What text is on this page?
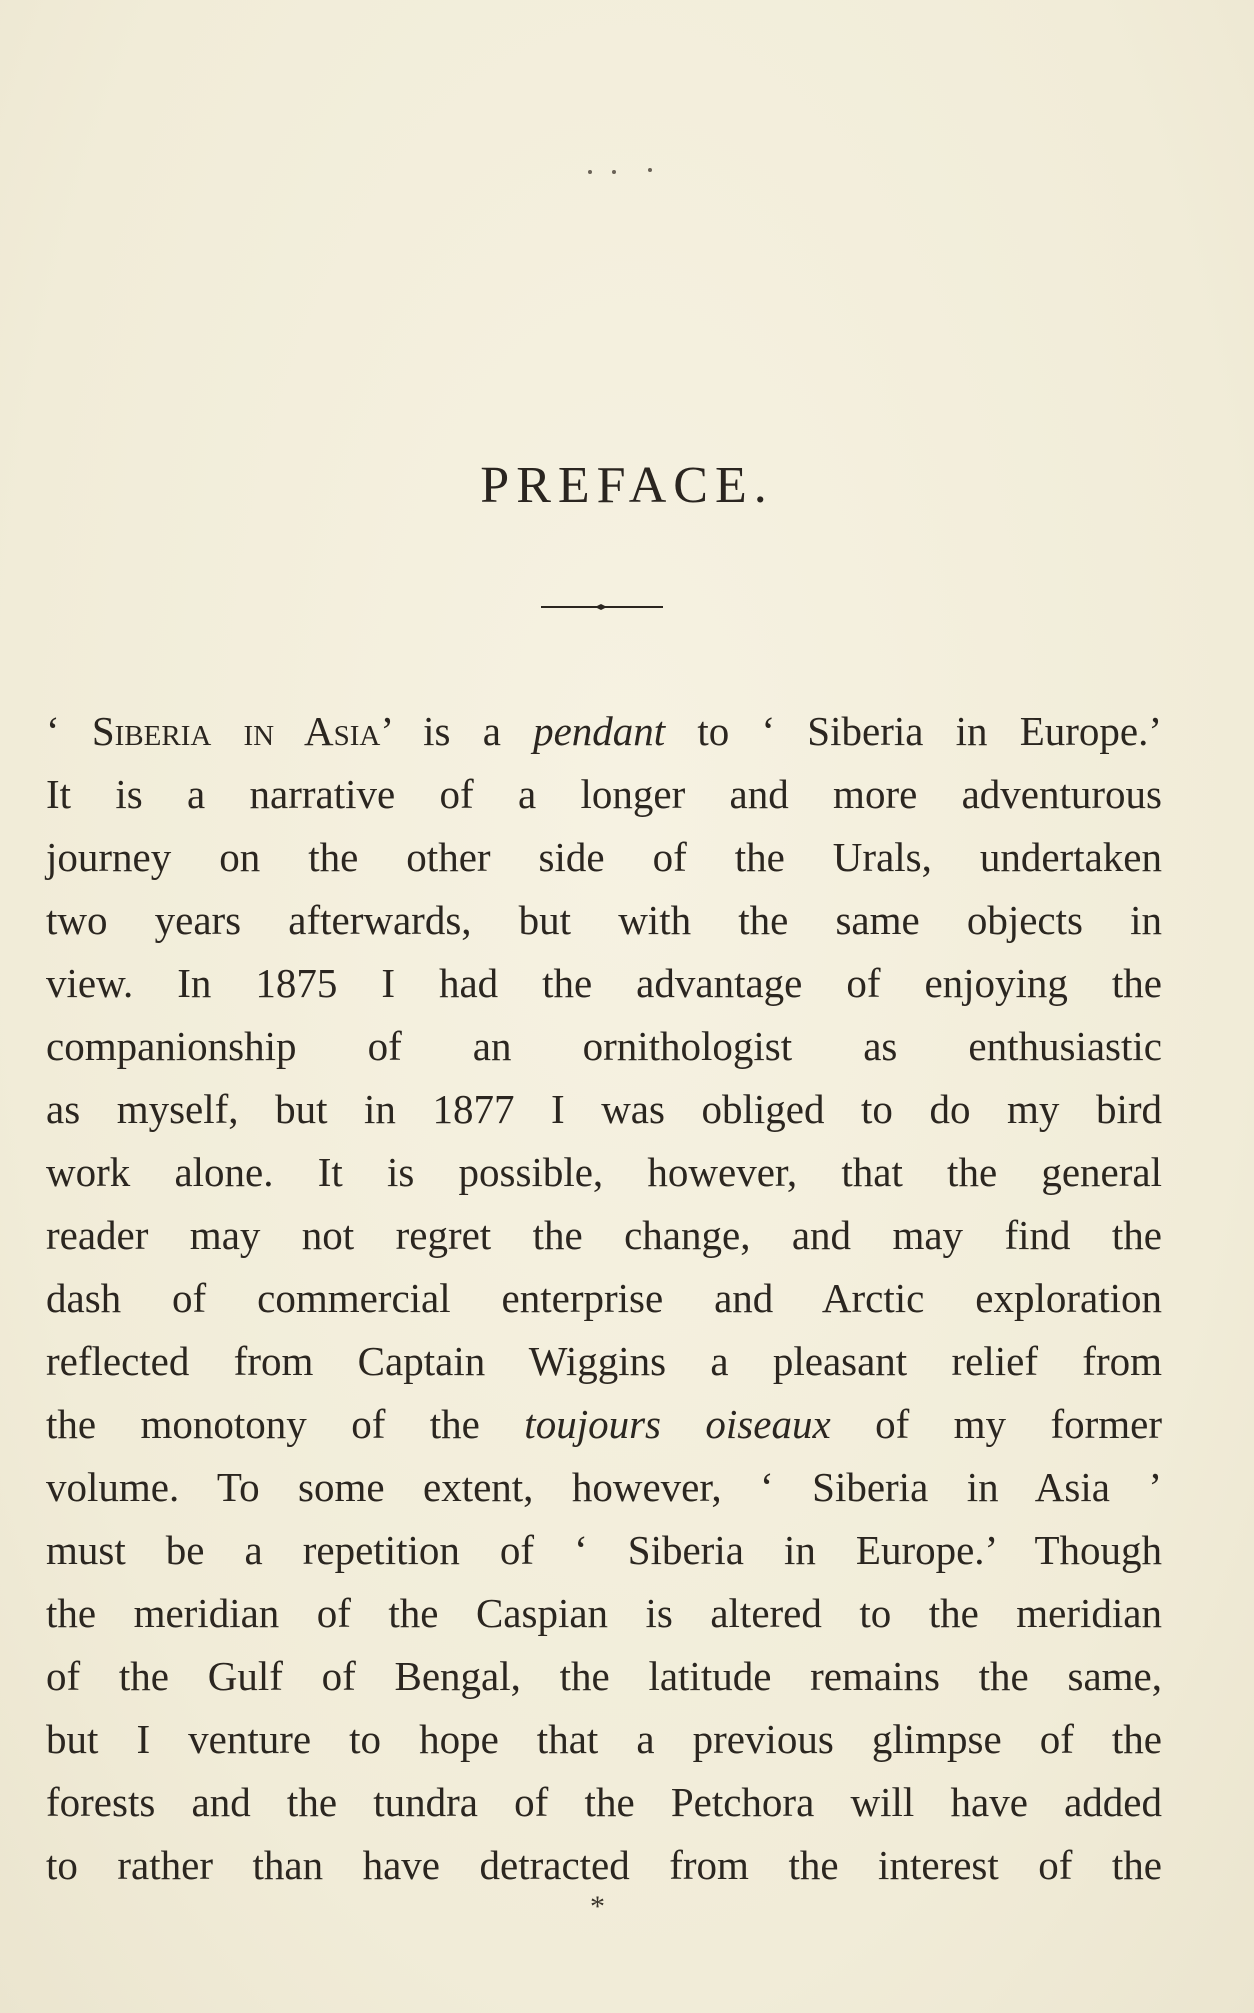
PREFACE.
‘ Siberia in Asia’ is a pendant to ‘ Siberia in Europe.’
It is a narrative of a longer and more adventurous
journey on the other side of the Urals, undertaken
two years afterwards, but with the same objects in
view. In 1875 I had the advantage of enjoying the
companionship of an ornithologist as enthusiastic
as myself, but in 1877 I was obliged to do my bird
work alone. It is possible, however, that the general
reader may not regret the change, and may find the
dash of commercial enterprise and Arctic exploration
reflected from Captain Wiggins a pleasant relief from
the monotony of the toujours oiseaux of my former
volume. To some extent, however, ‘ Siberia in Asia ’
must be a repetition of ‘ Siberia in Europe.’ Though
the meridian of the Caspian is altered to the meridian
of the Gulf of Bengal, the latitude remains the same,
but I venture to hope that a previous glimpse of the
forests and the tundra of the Petchora will have added
to rather than have detracted from the interest of the
*
